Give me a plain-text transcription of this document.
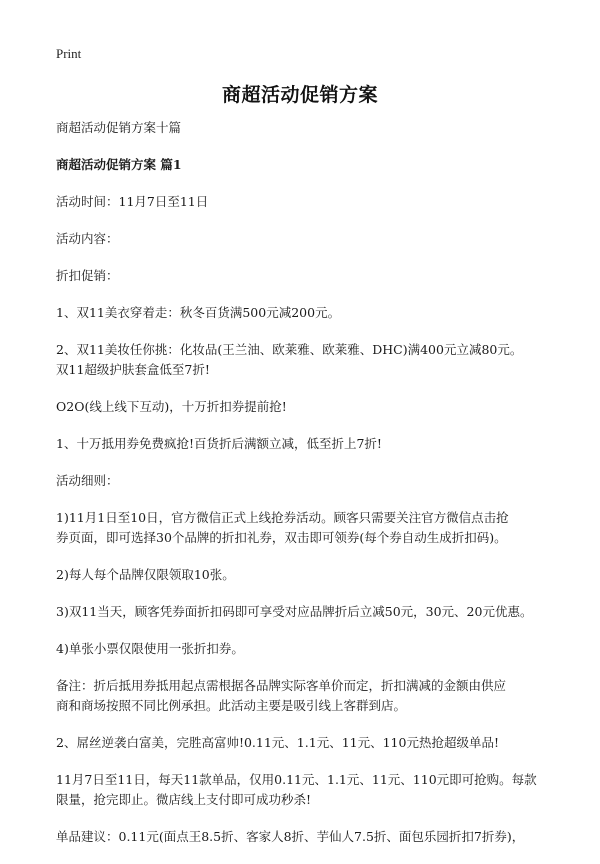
Print
商超活动促销方案

商超活动促销方案十篇

商超活动促销方案 篇1

活动时间：11月7日至11日

活动内容：

折扣促销：

1、双11美衣穿着走：秋冬百货满500元减200元。

2、双11美妆任你挑：化妆品(王兰油、欧莱雅、欧莱雅、DHC)满400元立减80元。
双11超级护肤套盒低至7折!

O2O(线上线下互动)，十万折扣券提前抢!

1、十万抵用券免费疯抢!百货折后满额立减，低至折上7折!

活动细则：

1)11月1日至10日，官方微信正式上线抢券活动。顾客只需要关注官方微信点击抢
券页面，即可选择30个品牌的折扣礼券，双击即可领券(每个券自动生成折扣码)。

2)每人每个品牌仅限领取10张。

3)双11当天，顾客凭券面折扣码即可享受对应品牌折后立减50元，30元、20元优惠。

4)单张小票仅限使用一张折扣券。

备注：折后抵用券抵用起点需根据各品牌实际客单价而定，折扣满减的金额由供应
商和商场按照不同比例承担。此活动主要是吸引线上客群到店。

2、屌丝逆袭白富美，完胜高富帅!0.11元、1.1元、11元、110元热抢超级单品!

11月7日至11日，每天11款单品，仅用0.11元、1.1元、11元、110元即可抢购。每款
限量，抢完即止。微店线上支付即可成功秒杀!

单品建议：0.11元(面点王8.5折、客家人8折、芋仙人7.5折、面包乐园折扣7折券)，
